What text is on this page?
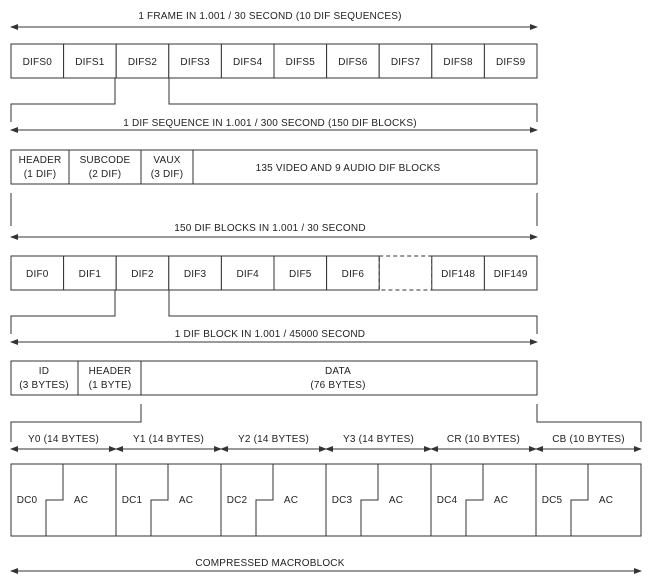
1 FRAME IN 1.001 / 30 SECOND (10 DIF SEQUENCES)
DIFS0 DIFS1 DIFS2 DIFS3 DIFS4 DIFS5 DIFS6 DIFS7 DIFS8 DIFS9
1 DIF SEQUENCE IN 1.001 / 300 SECOND (150 DIF BLOCKS)
HEADER
(1 DIF)
SUBCODE
(2 DIF)
VAUX
(3 DIF)
135 VIDEO AND 9 AUDIO DIF BLOCKS
150 DIF BLOCKS IN 1.001 / 30 SECOND
DIF0	DIF1	DIF2	DIF3	DIF4	DIF5	DIF6	DIF148 DIF149
1 DIF BLOCK IN 1.001 / 45000 SECOND
ID
(3 BYTES)
HEADER
(1 BYTE)
DATA
(76 BYTES)
Y0 (14 BYTES)	Y1 (14 BYTES)	Y2 (14 BYTES)	Y3 (14 BYTES)	CR (10 BYTES)	CB (10 BYTES)
DC0	AC	DC1	AC	DC2	AC	DC3	AC	DC4	AC	DC5	AC
COMPRESSED MACROBLOCK
